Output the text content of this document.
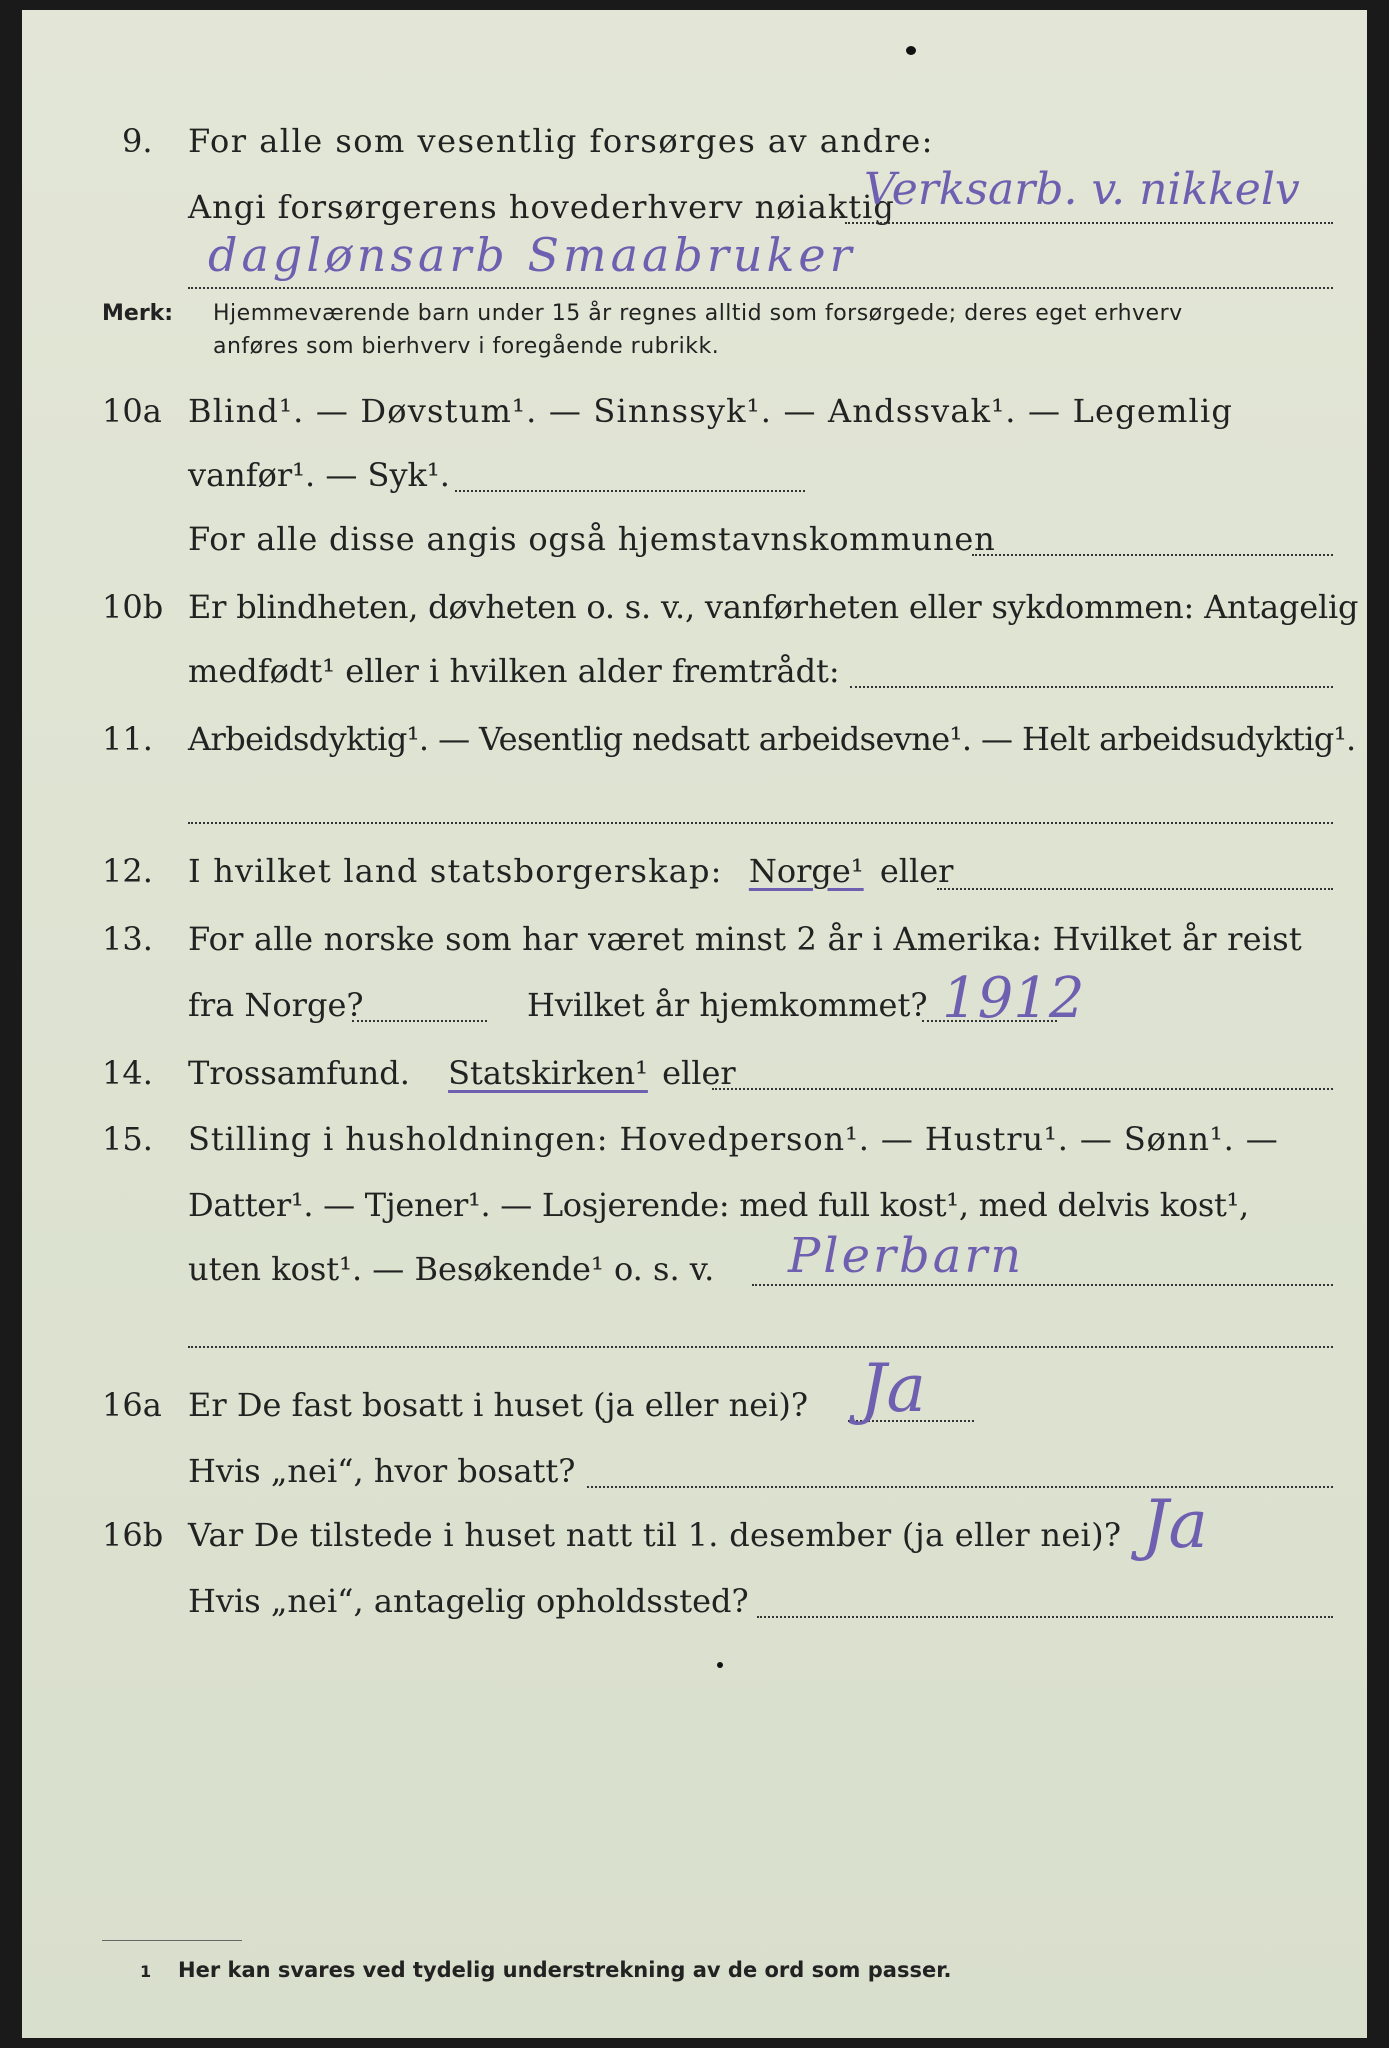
9. For alle som vesentlig forsørges av andre:
Angi forsørgerens hovederhverv nøiaktig
Verksarb. v. nikkelv
daglønsarb Smaabruker
Merk: Hjemmeværende barn under 15 år regnes alltid som forsørgede; deres eget erhverv
anføres som bierhverv i foregående rubrikk.
10a Blind¹. — Døvstum¹. — Sinnssyk¹. — Andssvak¹. — Legemlig
vanfør¹. — Syk¹.
For alle disse angis også hjemstavnskommunen
10b Er blindheten, døvheten o. s. v., vanførheten eller sykdommen: Antagelig
medfødt¹ eller i hvilken alder fremtrådt:
11. Arbeidsdyktig¹. — Vesentlig nedsatt arbeidsevne¹. — Helt arbeidsudyktig¹.
12. I hvilket land statsborgerskap: Norge¹ eller
13. For alle norske som har været minst 2 år i Amerika: Hvilket år reist
fra Norge?	Hvilket år hjemkommet? 1912
14. Trossamfund. Statskirken¹ eller
15. Stilling i husholdningen: Hovedperson¹. — Hustru¹. — Sønn¹. —
Datter¹. — Tjener¹. — Losjerende: med full kost¹, med delvis kost¹,
uten kost¹. — Besøkende¹ o. s. v. Plerbarn
16a Er De fast bosatt i huset (ja eller nei)? Ja
Hvis „nei“, hvor bosatt?
16b Var De tilstede i huset natt til 1. desember (ja eller nei)? Ja
Hvis „nei“, antagelig opholdssted?
1 Her kan svares ved tydelig understrekning av de ord som passer.
